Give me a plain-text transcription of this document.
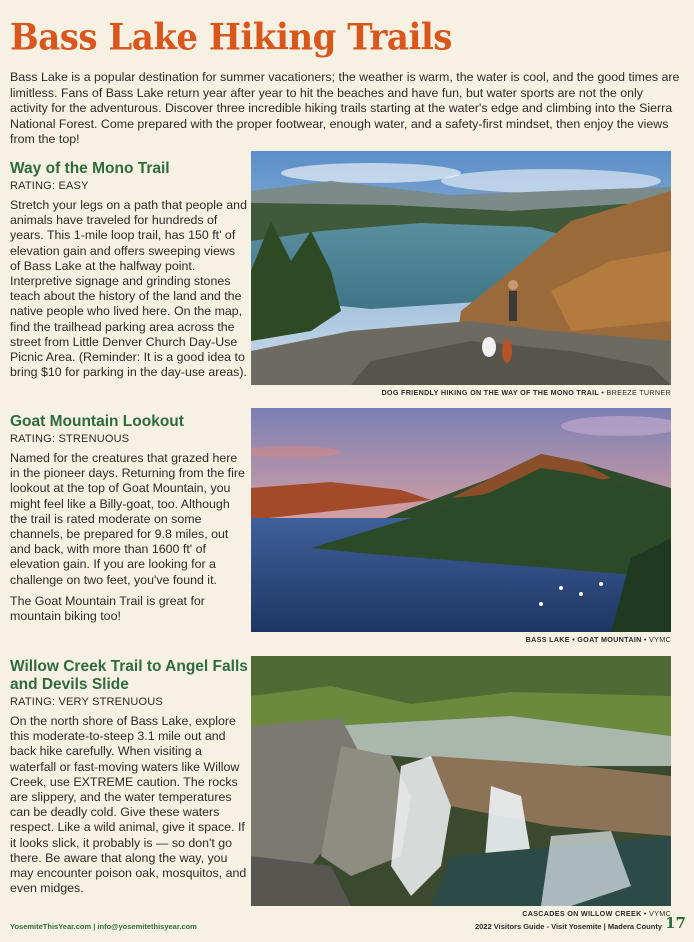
Bass Lake Hiking Trails
Bass Lake is a popular destination for summer vacationers; the weather is warm, the water is cool, and the good times are limitless. Fans of Bass Lake return year after year to hit the beaches and have fun, but water sports are not the only activity for the adventurous. Discover three incredible hiking trails starting at the water's edge and climbing into the Sierra National Forest. Come prepared with the proper footwear, enough water, and a safety-first mindset, then enjoy the views from the top!
Way of the Mono Trail
RATING: EASY

Stretch your legs on a path that people and animals have traveled for hundreds of years. This 1-mile loop trail, has 150 ft' of elevation gain and offers sweeping views of Bass Lake at the halfway point. Interpretive signage and grinding stones teach about the history of the land and the native people who lived here. On the map, find the trailhead parking area across the street from Little Denver Church Day-Use Picnic Area. (Reminder: It is a good idea to bring $10 for parking in the day-use areas).

DOG FRIENDLY HIKING ON THE WAY OF THE MONO TRAIL • BREEZE TURNER
Goat Mountain Lookout
RATING: STRENUOUS

Named for the creatures that grazed here in the pioneer days. Returning from the fire lookout at the top of Goat Mountain, you might feel like a Billy-goat, too. Although the trail is rated moderate on some channels, be prepared for 9.8 miles, out and back, with more than 1600 ft' of elevation gain. If you are looking for a challenge on two feet, you've found it.

The Goat Mountain Trail is great for mountain biking too!

BASS LAKE • GOAT MOUNTAIN • VYMC
Willow Creek Trail to Angel Falls and Devils Slide
RATING: VERY STRENUOUS

On the north shore of Bass Lake, explore this moderate-to-steep 3.1 mile out and back hike carefully. When visiting a waterfall or fast-moving waters like Willow Creek, use EXTREME caution. The rocks are slippery, and the water temperatures can be deadly cold. Give these waters respect. Like a wild animal, give it space. If it looks slick, it probably is — so don't go there. Be aware that along the way, you may encounter poison oak, mosquitos, and even midges.

CASCADES ON WILLOW CREEK • VYMC
YosemiteThisYear.com | info@yosemitethisyear.com	2022 Visitors Guide - Visit Yosemite | Madera County 17
